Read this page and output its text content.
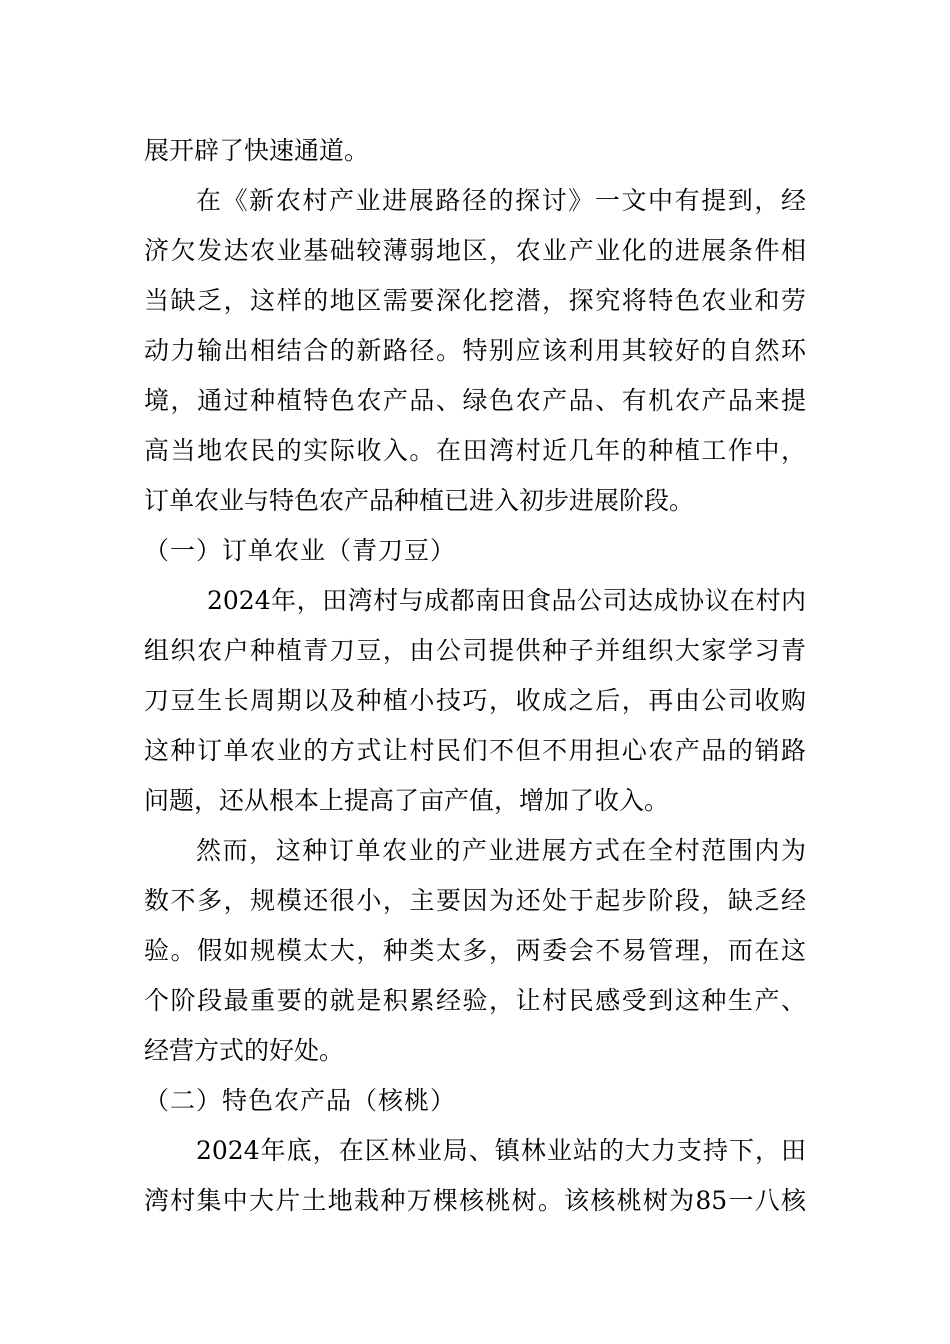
展开辟了快速通道。
在《新农村产业进展路径的探讨》一文中有提到，经
济欠发达农业基础较薄弱地区，农业产业化的进展条件相
当缺乏，这样的地区需要深化挖潜，探究将特色农业和劳
动力输出相结合的新路径。特别应该利用其较好的自然环
境，通过种植特色农产品、绿色农产品、有机农产品来提
高当地农民的实际收入。在田湾村近几年的种植工作中，
订单农业与特色农产品种植已进入初步进展阶段。
（一）订单农业（青刀豆）
2024年，田湾村与成都南田食品公司达成协议在村内
组织农户种植青刀豆，由公司提供种子并组织大家学习青
刀豆生长周期以及种植小技巧，收成之后，再由公司收购
这种订单农业的方式让村民们不但不用担心农产品的销路
问题，还从根本上提高了亩产值，增加了收入。
然而，这种订单农业的产业进展方式在全村范围内为
数不多，规模还很小，主要因为还处于起步阶段，缺乏经
验。假如规模太大，种类太多，两委会不易管理，而在这
个阶段最重要的就是积累经验，让村民感受到这种生产、
经营方式的好处。
（二）特色农产品（核桃）
2024年底，在区林业局、镇林业站的大力支持下，田
湾村集中大片土地栽种万棵核桃树。该核桃树为85一八核
